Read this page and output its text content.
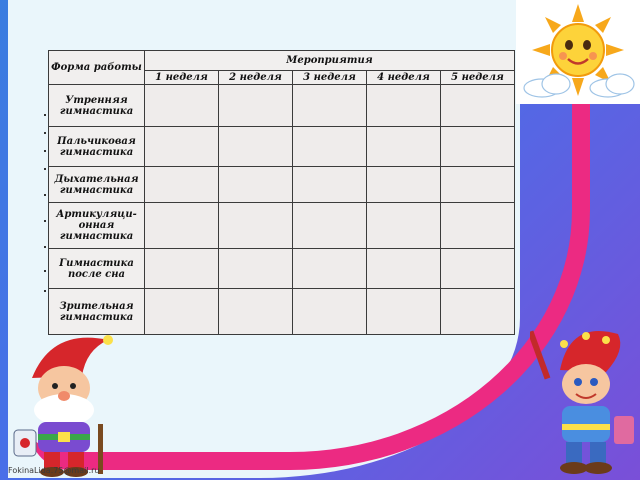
Форма работы	Мероприятия				
	1 неделя	2 неделя	3 неделя	4 неделя	5 неделя
Утренняя гимнастика					
Пальчиковая гимнастика					
Дыхательная гимнастика					
Артикуляци-онная гимнастика					
Гимнастика после сна					
Зрительная гимнастика					
FokinaLida.75@mail.ru
